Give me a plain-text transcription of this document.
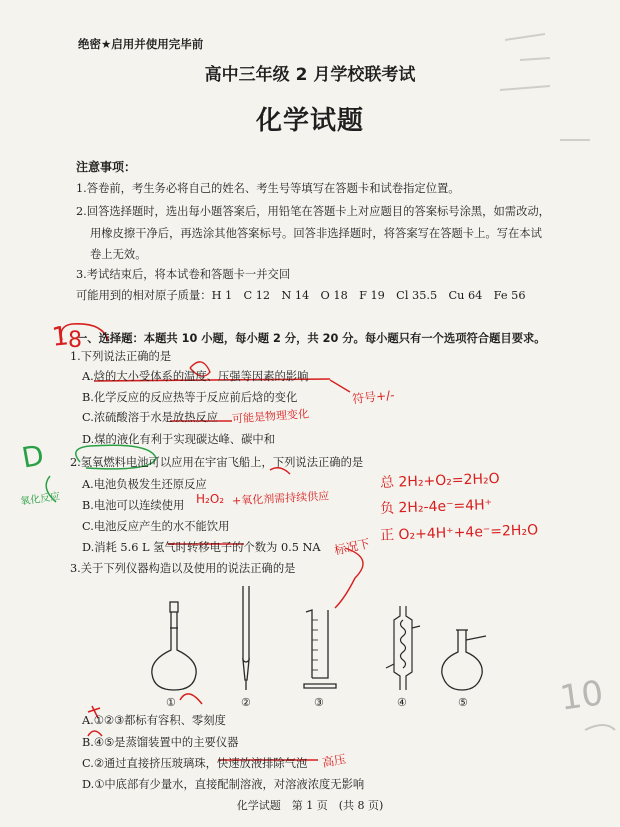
绝密★启用并使用完毕前
高中三年级 2 月学校联考试
化学试题
注意事项：
1.答卷前，考生务必将自己的姓名、考生号等填写在答题卡和试卷指定位置。
2.回答选择题时，选出每小题答案后，用铅笔在答题卡上对应题目的答案标号涂黑，如需改动，
用橡皮擦干净后，再选涂其他答案标号。回答非选择题时，将答案写在答题卡上。写在本试
卷上无效。
3.考试结束后，将本试卷和答题卡一并交回
可能用到的相对原子质量：H 1　C 12　N 14　O 18　F 19　Cl 35.5　Cu 64　Fe 56
一、选择题：本题共 10 小题，每小题 2 分，共 20 分。每小题只有一个选项符合题目要求。
1.下列说法正确的是
A.焓的大小受体系的温度、压强等因素的影响
B.化学反应的反应热等于反应前后焓的变化
C.浓硫酸溶于水是放热反应
D.煤的液化有利于实现碳达峰、碳中和
2.氢氧燃料电池可以应用在宇宙飞船上，下列说法正确的是
A.电池负极发生还原反应
B.电池可以连续使用
C.电池反应产生的水不能饮用
D.消耗 5.6 L 氢气时转移电子的个数为 0.5 NA
3.关于下列仪器构造以及使用的说法正确的是
①	②	③	④	⑤
A.①②③都标有容积、零刻度
B.④⑤是蒸馏装置中的主要仪器
C.②通过直接挤压玻璃珠，快速放液排除气泡
D.①中底部有少量水，直接配制溶液，对溶液浓度无影响
化学试题　第 1 页　(共 8 页)
1
8
符号+/-
可能是物理变化
D
氧化反应	H₂O₂ +氧化剂需持续供应
总 2H₂+O₂=2H₂O
负 2H₂-4e⁻=4H⁺
正 O₂+4H⁺+4e⁻=2H₂O
标况下
高压
10
